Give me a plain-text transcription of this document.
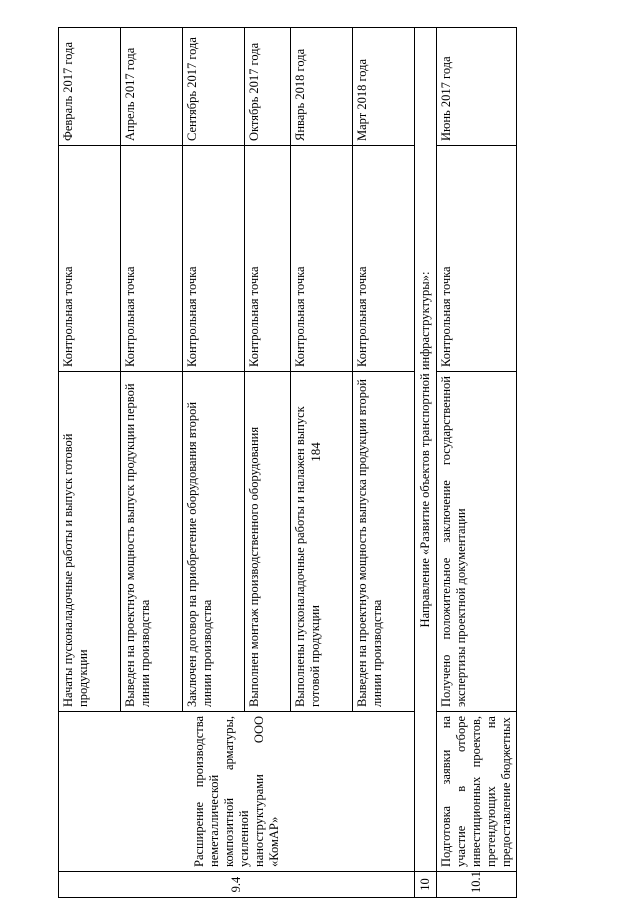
184
9.4	Расширение производства неметаллической композитной арматуры, усиленной наноструктурами ООО «КомАР»	Начаты пусконаладочные работы и выпуск готовой продукции	Контрольная точка	Февраль 2017 года
		Выведен на проектную мощность выпуск продукции первой линии производства	Контрольная точка	Апрель 2017 года
		Заключен договор на приобретение оборудования второй линии производства	Контрольная точка	Сентябрь 2017 года
		Выполнен монтаж производственного оборудования	Контрольная точка	Октябрь 2017 года
		Выполнены пусконаладочные работы и налажен выпуск готовой продукции	Контрольная точка	Январь 2018 года
		Выведен на проектную мощность выпуска продукции второй линии производства	Контрольная точка	Март 2018 года
10	Направление «Развитие объектов транспортной инфраструктуры»:			
10.1	Подготовка заявки на участие в отборе инвестиционных проектов, претендующих на предоставление бюджетных	Получено положительное заключение государственной экспертизы проектной документации	Контрольная точка	Июнь 2017 года
